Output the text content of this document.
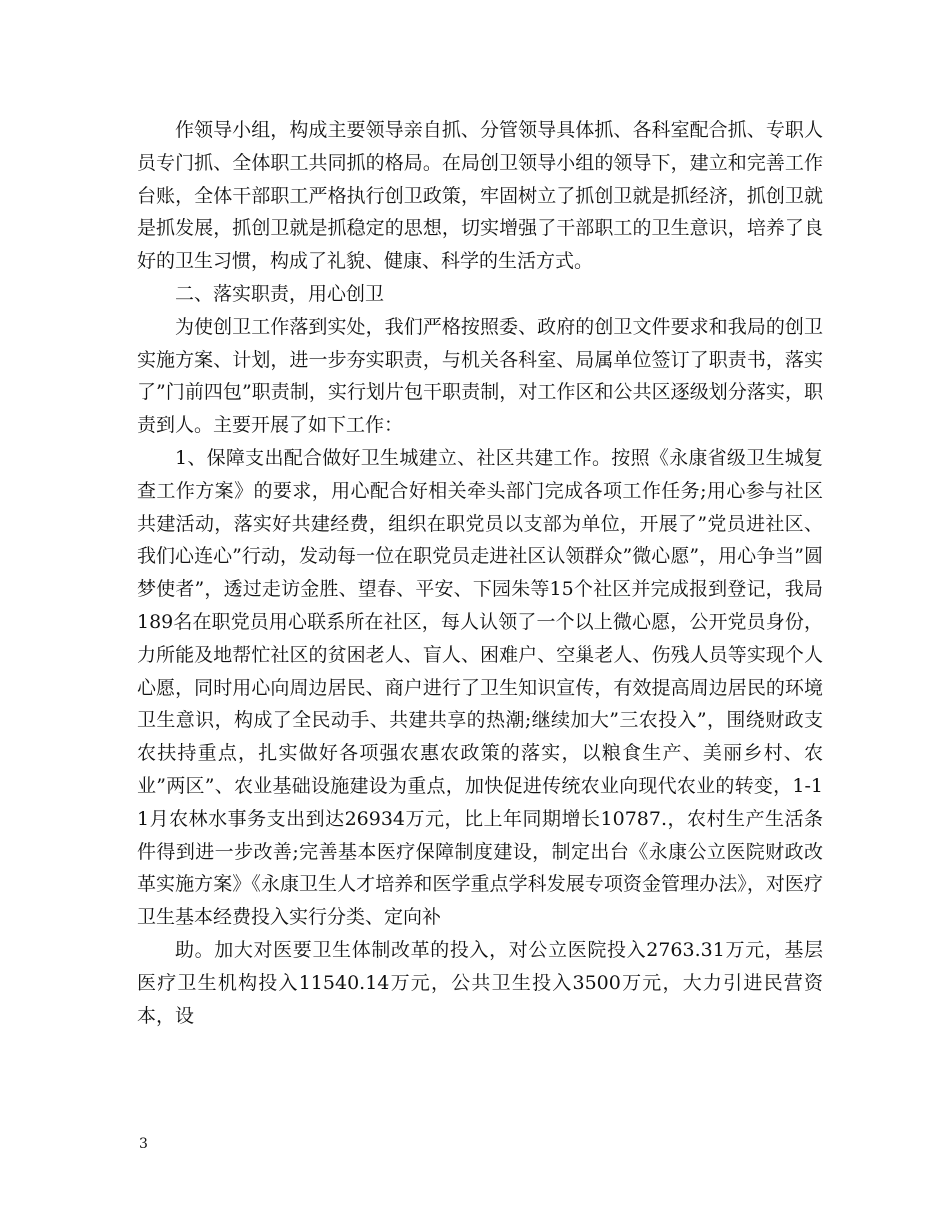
作领导小组，构成主要领导亲自抓、分管领导具体抓、各科室配合抓、专职人员专门抓、全体职工共同抓的格局。在局创卫领导小组的领导下，建立和完善工作台账，全体干部职工严格执行创卫政策，牢固树立了抓创卫就是抓经济，抓创卫就是抓发展，抓创卫就是抓稳定的思想，切实增强了干部职工的卫生意识，培养了良好的卫生习惯，构成了礼貌、健康、科学的生活方式。

二、落实职责，用心创卫

为使创卫工作落到实处，我们严格按照委、政府的创卫文件要求和我局的创卫实施方案、计划，进一步夯实职责，与机关各科室、局属单位签订了职责书，落实了”门前四包”职责制，实行划片包干职责制，对工作区和公共区逐级划分落实，职责到人。主要开展了如下工作：

1、保障支出配合做好卫生城建立、社区共建工作。按照《永康省级卫生城复查工作方案》的要求，用心配合好相关牵头部门完成各项工作任务;用心参与社区共建活动，落实好共建经费，组织在职党员以支部为单位，开展了”党员进社区、我们心连心”行动，发动每一位在职党员走进社区认领群众”微心愿”，用心争当”圆梦使者”，透过走访金胜、望春、平安、下园朱等15个社区并完成报到登记，我局189名在职党员用心联系所在社区，每人认领了一个以上微心愿，公开党员身份，力所能及地帮忙社区的贫困老人、盲人、困难户、空巢老人、伤残人员等实现个人心愿，同时用心向周边居民、商户进行了卫生知识宣传，有效提高周边居民的环境卫生意识，构成了全民动手、共建共享的热潮;继续加大”三农投入”，围绕财政支农扶持重点，扎实做好各项强农惠农政策的落实，以粮食生产、美丽乡村、农业”两区”、农业基础设施建设为重点，加快促进传统农业向现代农业的转变，1-11月农林水事务支出到达26934万元，比上年同期增长10787.，农村生产生活条件得到进一步改善;完善基本医疗保障制度建设，制定出台《永康公立医院财政改革实施方案》《永康卫生人才培养和医学重点学科发展专项资金管理办法》，对医疗卫生基本经费投入实行分类、定向补

助。加大对医要卫生体制改革的投入，对公立医院投入2763.31万元，基层医疗卫生机构投入11540.14万元，公共卫生投入3500万元，大力引进民营资本，设

3
